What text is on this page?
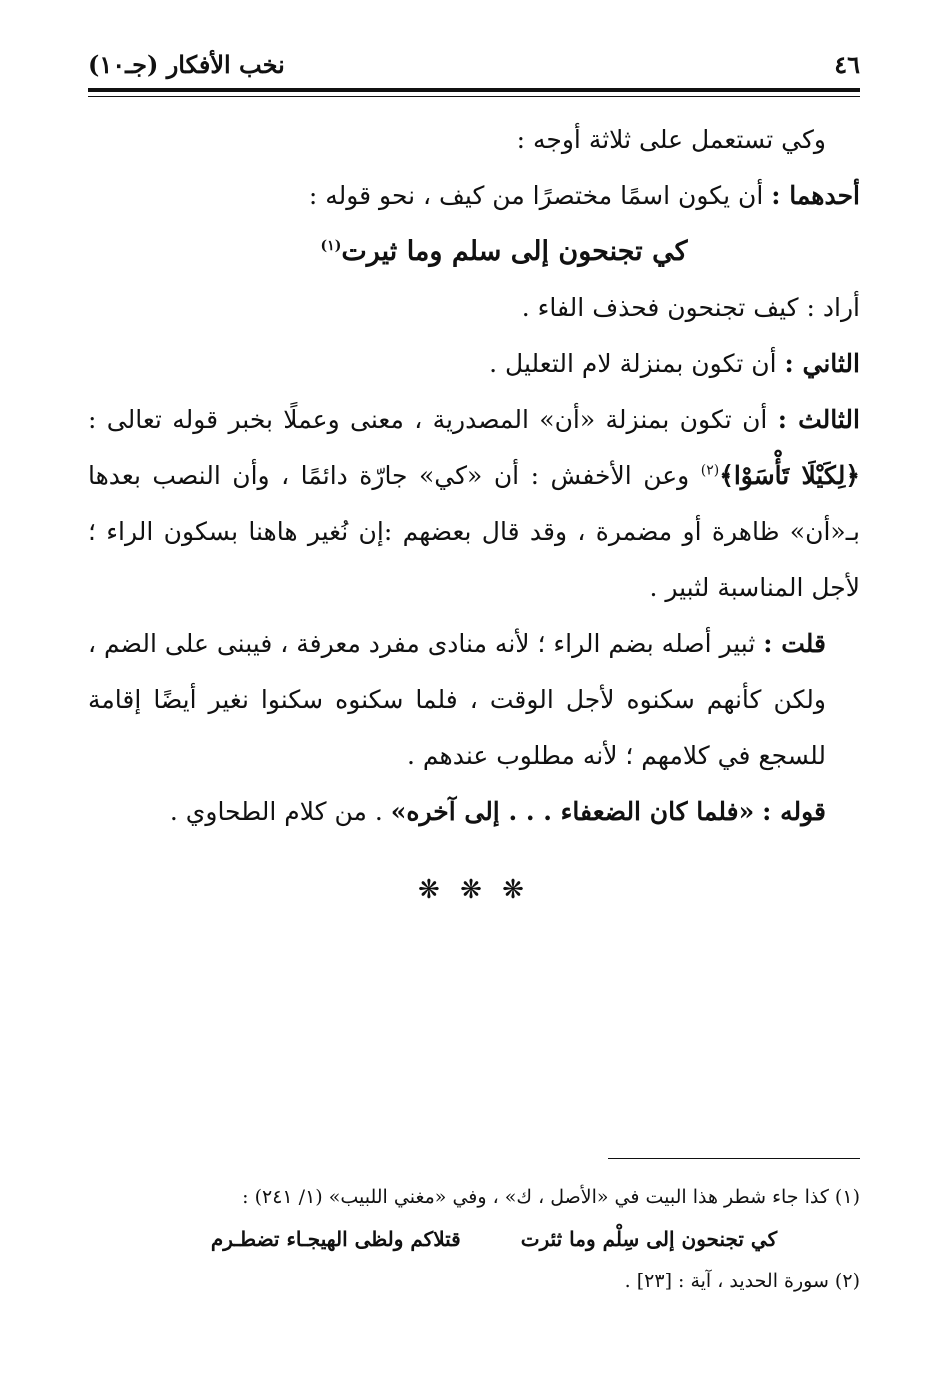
٤٦
نخب الأفكار (جـ١٠)

وكي تستعمل على ثلاثة أوجه :

أحدهما : أن يكون اسمًا مختصرًا من كيف ، نحو قوله :

كي تجنحون إلى سلم وما ثيرت$^{(١)}$

أراد : كيف تجنحون فحذف الفاء .

الثاني : أن تكون بمنزلة لام التعليل .

الثالث : أن تكون بمنزلة «أن» المصدرية ، معنى وعملًا بخبر قوله تعالى : ﴿لِكَيْلَا تَأْسَوْا﴾$^{(٢)}$ وعن الأخفش : أن «كي» جارّة دائمًا ، وأن النصب بعدها بـ«أن» ظاهرة أو مضمرة ، وقد قال بعضهم :إن نُغير هاهنا بسكون الراء ؛ لأجل المناسبة لثبير .

قلت : ثبير أصله بضم الراء ؛ لأنه منادى مفرد معرفة ، فيبنى على الضم ، ولكن كأنهم سكنوه لأجل الوقت ، فلما سكنوه سكنوا نغير أيضًا إقامة للسجع في كلامهم ؛ لأنه مطلوب عندهم .

قوله : «فلما كان الضعفاء . . . إلى آخره» . من كلام الطحاوي .

❋ ❋ ❋

(١) كذا جاء شطر هذا البيت في «الأصل ، ك» ، وفي «مغني اللبيب» (١/ ٢٤١) :

كي تجنحون إلى سِلْم وما ثئرت
قتلاكم ولظى الهيجـاء تضطـرم

(٢) سورة الحديد ، آية : [٢٣] .
